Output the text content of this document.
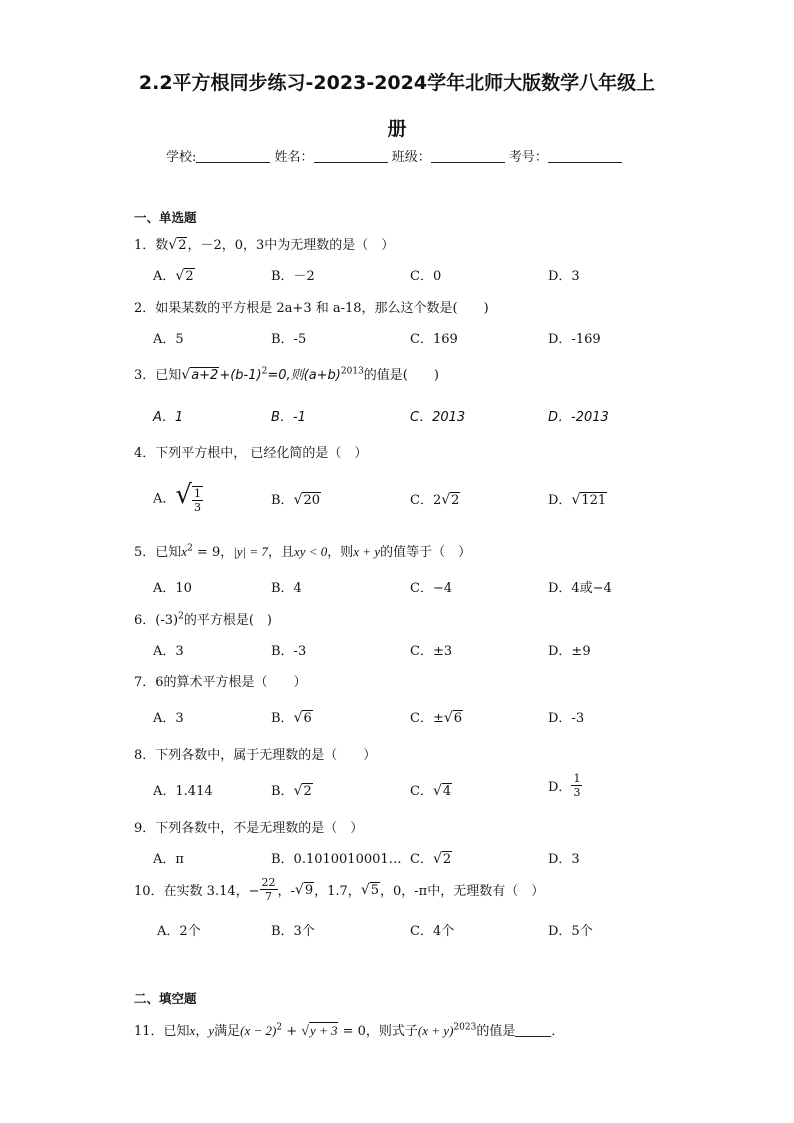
2.2平方根同步练习-2023-2024学年北师大版数学八年级上
册
学校:	姓名：	班级：	考号：
一、单选题
1．数√2，－2，0，3中为无理数的是（　）
A．√2	B．－2	C．0	D．3
2．如果某数的平方根是 2a+3 和 a-18，那么这个数是(　　)
A．5	B．-5	C．169	D．-169
3．已知$√a+2+(b-1)^2=0$,则$(a+b)^{2013}$的值是(　　)
A．1	B．-1	C．2013	D．-2013
4．下列平方根中， 已经化简的是（　）
A．√ $\frac{1}{3}$	B．√20	C．2√2	D．√121
5．已知$x^2 = 9$，|y| = 7，且xy < 0，则x + y的值等于（　）
A．10	B．4	C．−4	D．4或−4
6．$(-3)^2$的平方根是(　)
A．3	B．-3	C．±3	D．±9
7．6的算术平方根是（　　）
A．3	B．√6	C．±√6	D．-3
8．下列各数中，属于无理数的是（　　）
A．1.414	B．√2	C．√4	D． $\frac{1}{3}$
9．下列各数中，不是无理数的是（　）
A．π	B．0.1010010001… C．√2	D．3
10．在实数 3.14，− $\frac{22}{7}$ ，-√9，1.7，√5，0，-π中，无理数有（　）
A．2个	B．3个	C．4个	D．5个
二、填空题
11．已知x，y满足$(x - 2)^2 + √y + 3 = 0$，则式子$(x + y)^{2023}$的值是	．
